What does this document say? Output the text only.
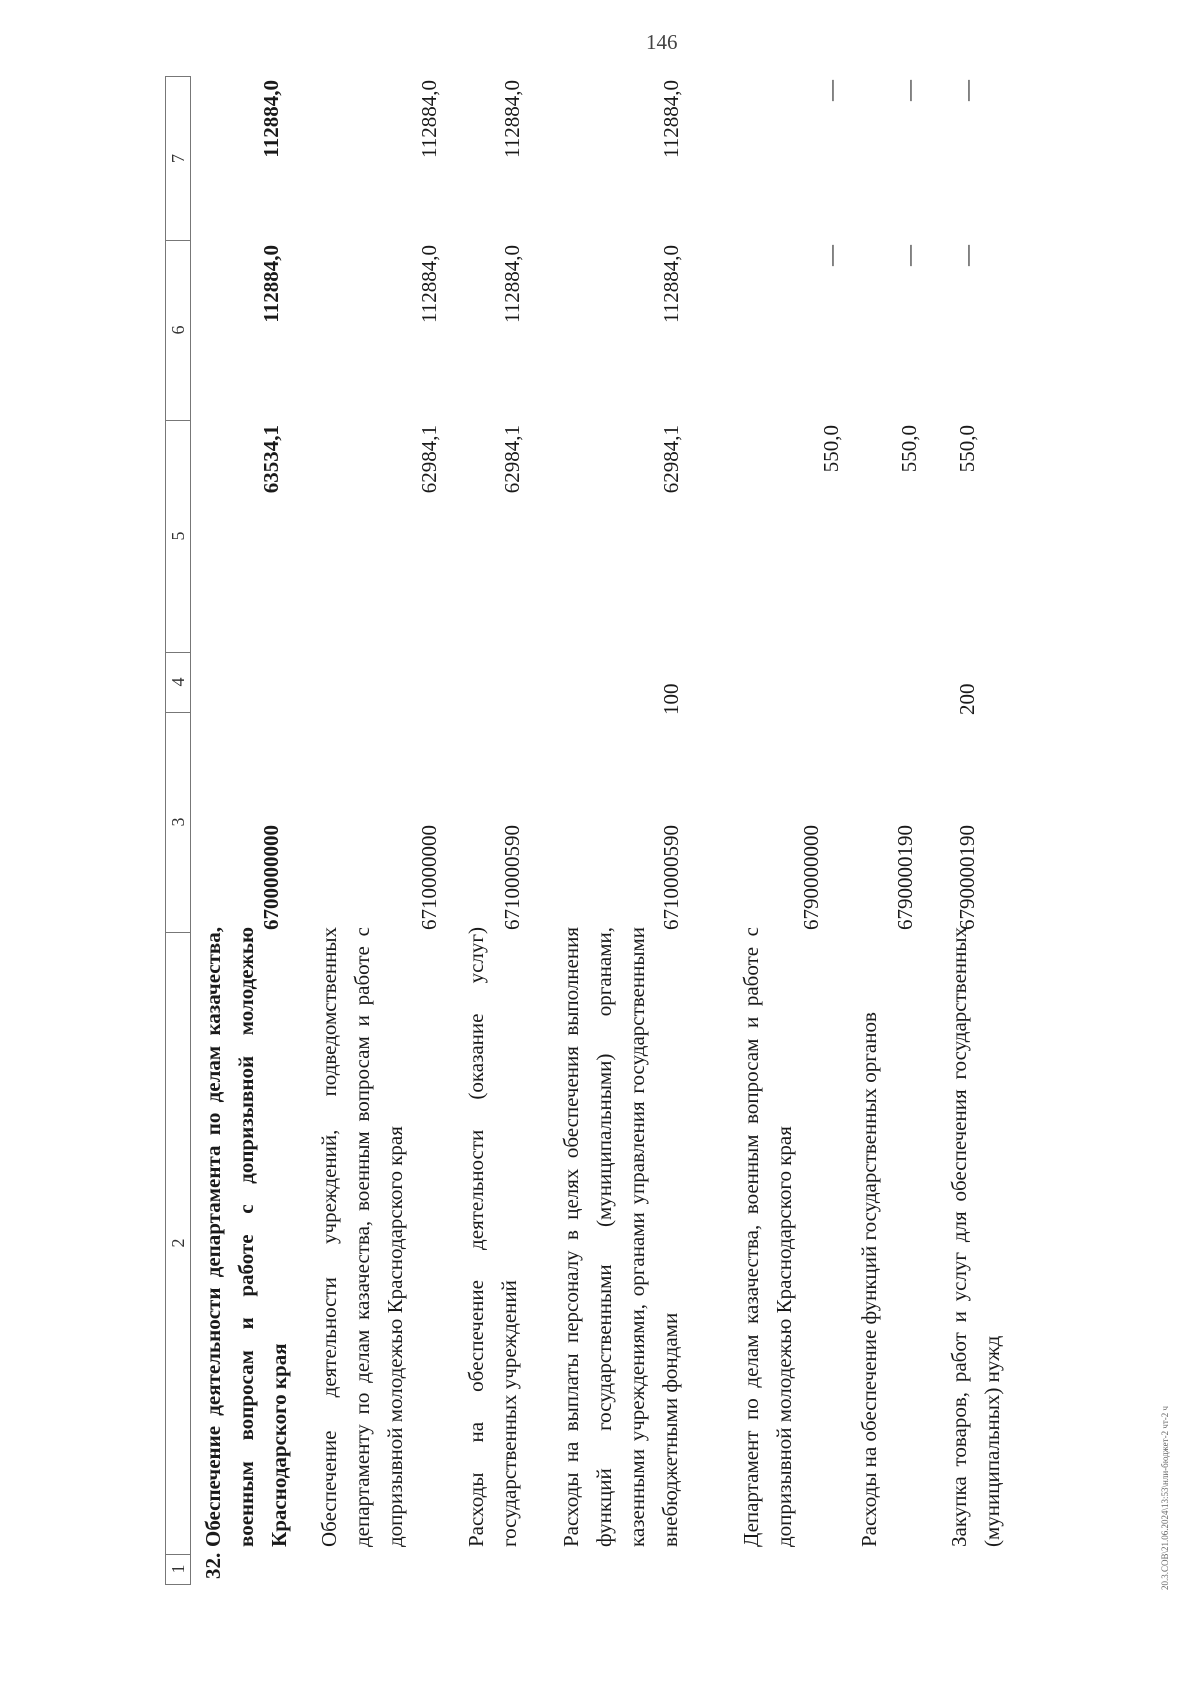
146
1
2
3
4
5
6
7
32.
Обеспечение деятельности департамента по делам казачества, военным вопросам и работе с допризывной молодежью Краснодарского края
6700000000
63534,1
112884,0
112884,0
Обеспечение деятельности учреждений, подведомственных департаменту по делам казачества, военным вопросам и работе с допризывной молодежью Краснодарского края
6710000000
62984,1
112884,0
112884,0
Расходы на обеспечение деятельности (оказание услуг) государственных учреждений
6710000590
62984,1
112884,0
112884,0
Расходы на выплаты персоналу в целях обеспечения выполнения функций государственными (муниципальными) органами, казенными учреждениями, органами управления государственными внебюджетными фондами
6710000590
100
62984,1
112884,0
112884,0
Департамент по делам казачества, военным вопросам и работе с допризывной молодежью Краснодарского края
6790000000
550,0
—
—
Расходы на обеспечение функций государственных органов
6790000190
550,0
—
—
Закупка товаров, работ и услуг для обеспечения государственных (муниципальных) нужд
6790000190
200
550,0
—
—
20.3.СОВ\21.06.2024\13:53\нли-бюджет-2 чт-2 ч
